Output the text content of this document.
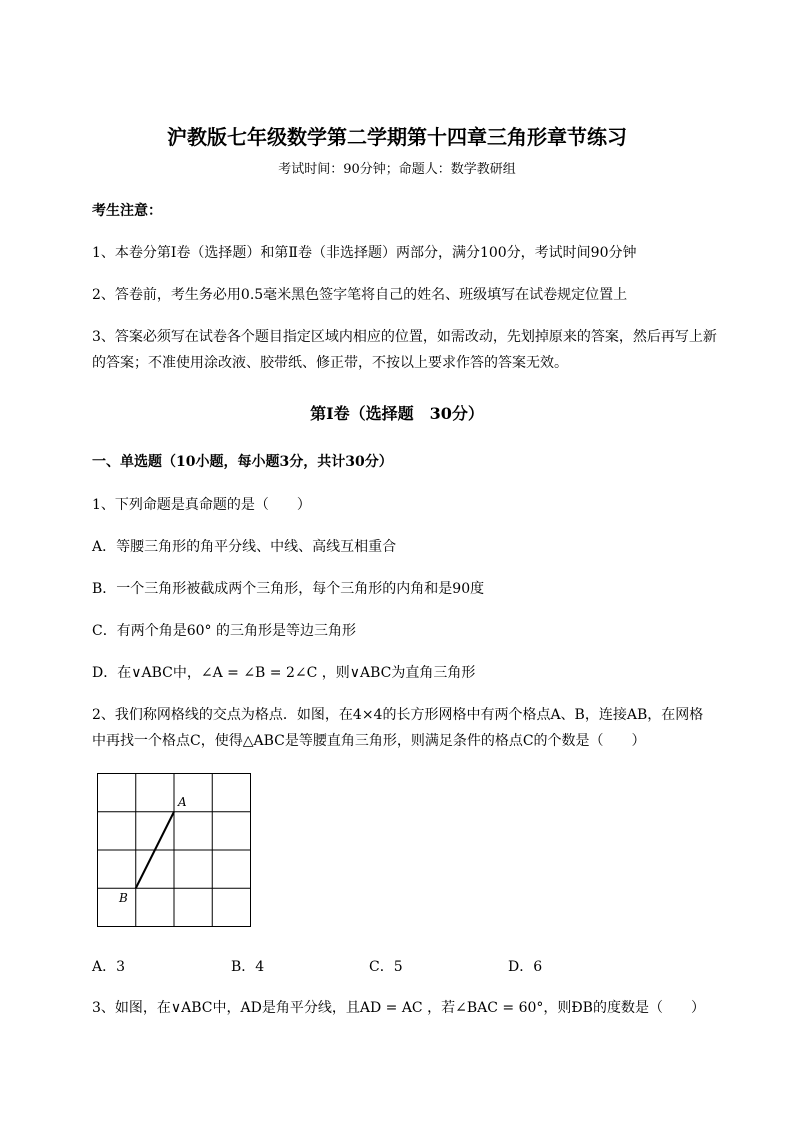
沪教版七年级数学第二学期第十四章三角形章节练习
考试时间：90分钟；命题人：数学教研组
考生注意：
1、本卷分第I卷（选择题）和第Ⅱ卷（非选择题）两部分，满分100分，考试时间90分钟
2、答卷前，考生务必用0.5毫米黑色签字笔将自己的姓名、班级填写在试卷规定位置上
3、答案必须写在试卷各个题目指定区域内相应的位置，如需改动，先划掉原来的答案，然后再写上新
的答案；不准使用涂改液、胶带纸、修正带，不按以上要求作答的答案无效。
第I卷（选择题　30分）
一、单选题（10小题，每小题3分，共计30分）
1、下列命题是真命题的是（　　）
A．等腰三角形的角平分线、中线、高线互相重合
B．一个三角形被截成两个三角形，每个三角形的内角和是90度
C．有两个角是60° 的三角形是等边三角形
D．在∨ABC中，∠A = ∠B = 2∠C ，则∨ABC为直角三角形
2、我们称网格线的交点为格点．如图，在4×4的长方形网格中有两个格点A、B，连接AB，在网格
中再找一个格点C，使得△ABC是等腰直角三角形，则满足条件的格点C的个数是（　　）
A
B
A．3	B．4	C．5	D．6
3、如图，在∨ABC中，AD是角平分线，且AD = AC ，若∠BAC = 60°，则ÐB的度数是（　　）
